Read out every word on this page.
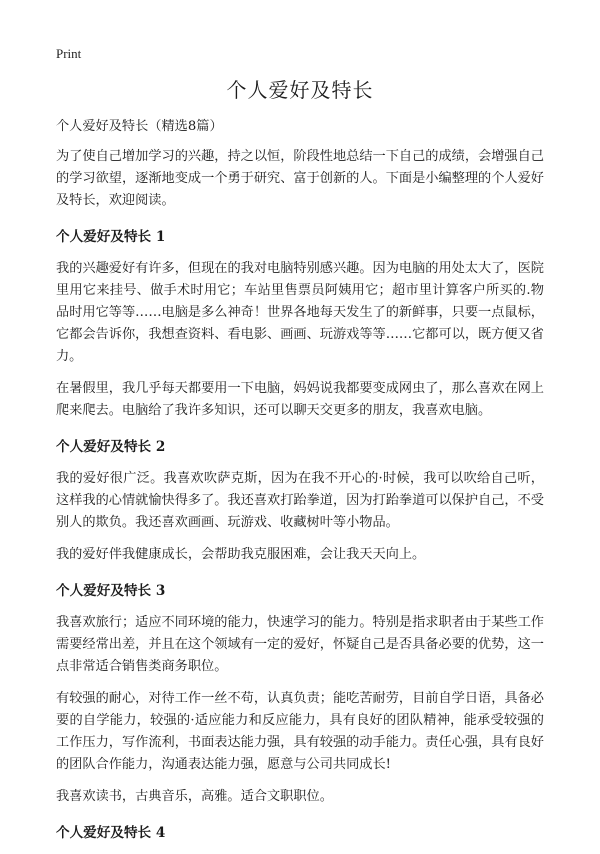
Print
个人爱好及特长
个人爱好及特长（精选8篇）

为了使自己增加学习的兴趣，持之以恒，阶段性地总结一下自己的成绩，会增强自己的学习欲望，逐渐地变成一个勇于研究、富于创新的人。下面是小编整理的个人爱好及特长，欢迎阅读。

个人爱好及特长 1

我的兴趣爱好有许多，但现在的我对电脑特别感兴趣。因为电脑的用处太大了，医院里用它来挂号、做手术时用它；车站里售票员阿姨用它；超市里计算客户所买的.物品时用它等等……电脑是多么神奇！世界各地每天发生了的新鲜事，只要一点鼠标，它都会告诉你，我想查资料、看电影、画画、玩游戏等等……它都可以，既方便又省力。

在暑假里，我几乎每天都要用一下电脑，妈妈说我都要变成网虫了，那么喜欢在网上爬来爬去。电脑给了我许多知识，还可以聊天交更多的朋友，我喜欢电脑。

个人爱好及特长 2

我的爱好很广泛。我喜欢吹萨克斯，因为在我不开心的·时候，我可以吹给自己听，这样我的心情就愉快得多了。我还喜欢打跆拳道，因为打跆拳道可以保护自己，不受别人的欺负。我还喜欢画画、玩游戏、收藏树叶等小物品。

我的爱好伴我健康成长，会帮助我克服困难，会让我天天向上。

个人爱好及特长 3

我喜欢旅行；适应不同环境的能力，快速学习的能力。特别是指求职者由于某些工作需要经常出差，并且在这个领域有一定的爱好，怀疑自己是否具备必要的优势，这一点非常适合销售类商务职位。

有较强的耐心，对待工作一丝不苟，认真负责；能吃苦耐劳，目前自学日语，具备必要的自学能力，较强的·适应能力和反应能力，具有良好的团队精神，能承受较强的工作压力，写作流利，书面表达能力强，具有较强的动手能力。责任心强，具有良好的团队合作能力，沟通表达能力强，愿意与公司共同成长!

我喜欢读书，古典音乐，高雅。适合文职职位。

个人爱好及特长 4
